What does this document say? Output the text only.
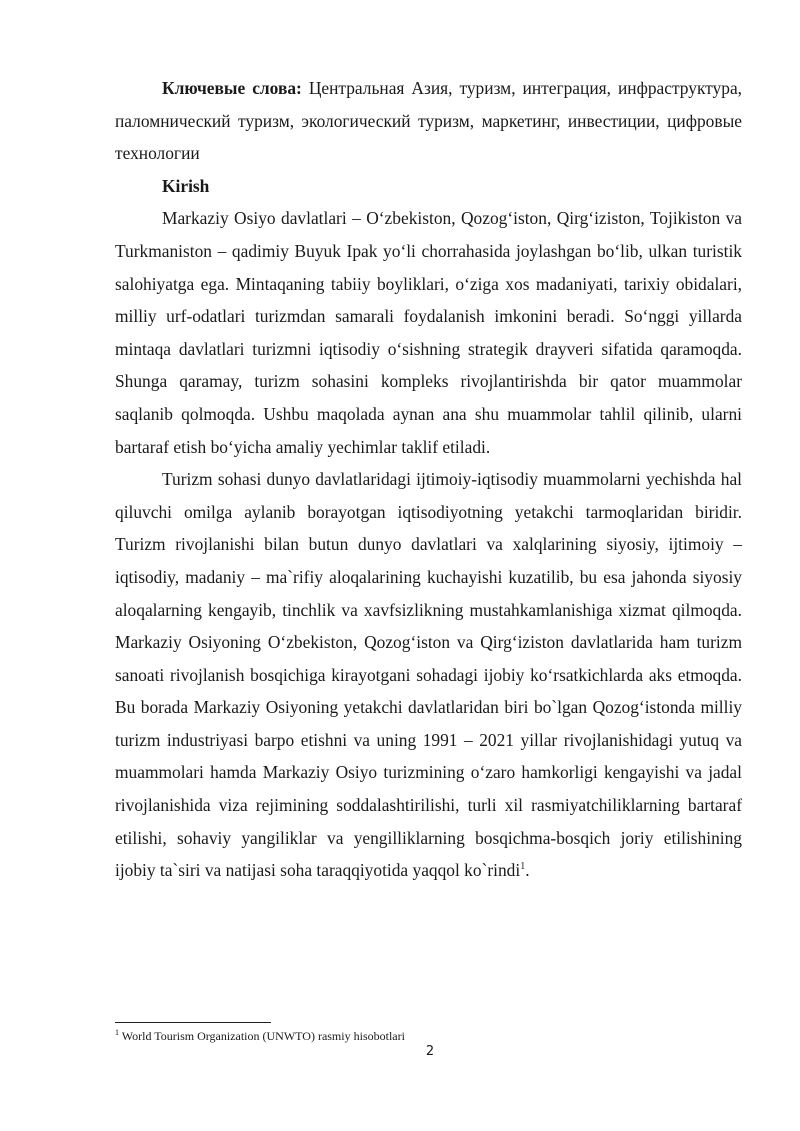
Ключевые слова: Центральная Азия, туризм, интеграция, инфраструктура, паломнический туризм, экологический туризм, маркетинг, инвестиции, цифровые технологии

Kirish

Markaziy Osiyo davlatlari – O‘zbekiston, Qozog‘iston, Qirg‘iziston, Tojikiston va Turkmaniston – qadimiy Buyuk Ipak yo‘li chorrahasida joylashgan bo‘lib, ulkan turistik salohiyatga ega. Mintaqaning tabiiy boyliklari, o‘ziga xos madaniyati, tarixiy obidalari, milliy urf-odatlari turizmdan samarali foydalanish imkonini beradi. So‘nggi yillarda mintaqa davlatlari turizmni iqtisodiy o‘sishning strategik drayveri sifatida qaramoqda. Shunga qaramay, turizm sohasini kompleks rivojlantirishda bir qator muammolar saqlanib qolmoqda. Ushbu maqolada aynan ana shu muammolar tahlil qilinib, ularni bartaraf etish bo‘yicha amaliy yechimlar taklif etiladi.

Turizm sohasi dunyo davlatlaridagi ijtimoiy-iqtisodiy muammolarni yechishda hal qiluvchi omilga aylanib borayotgan iqtisodiyotning yetakchi tarmoqlaridan biridir. Turizm rivojlanishi bilan butun dunyo davlatlari va xalqlarining siyosiy, ijtimoiy – iqtisodiy, madaniy – ma`rifiy aloqalarining kuchayishi kuzatilib, bu esa jahonda siyosiy aloqalarning kengayib, tinchlik va xavfsizlikning mustahkamlanishiga xizmat qilmoqda. Markaziy Osiyoning O‘zbekiston, Qozog‘iston va Qirg‘iziston davlatlarida ham turizm sanoati rivojlanish bosqichiga kirayotgani sohadagi ijobiy ko‘rsatkichlarda aks etmoqda. Bu borada Markaziy Osiyoning yetakchi davlatlaridan biri bo`lgan Qozog‘istonda milliy turizm industriyasi barpo etishni va uning 1991 – 2021 yillar rivojlanishidagi yutuq va muammolari hamda Markaziy Osiyo turizmining o‘zaro hamkorligi kengayishi va jadal rivojlanishida viza rejimining soddalashtirilishi, turli xil rasmiyatchiliklarning bartaraf etilishi, sohaviy yangiliklar va yengilliklarning bosqichma-bosqich joriy etilishining ijobiy ta`siri va natijasi soha taraqqiyotida yaqqol ko`rindi$^1$.

$^1$ World Tourism Organization (UNWTO) rasmiy hisobotlari
2
